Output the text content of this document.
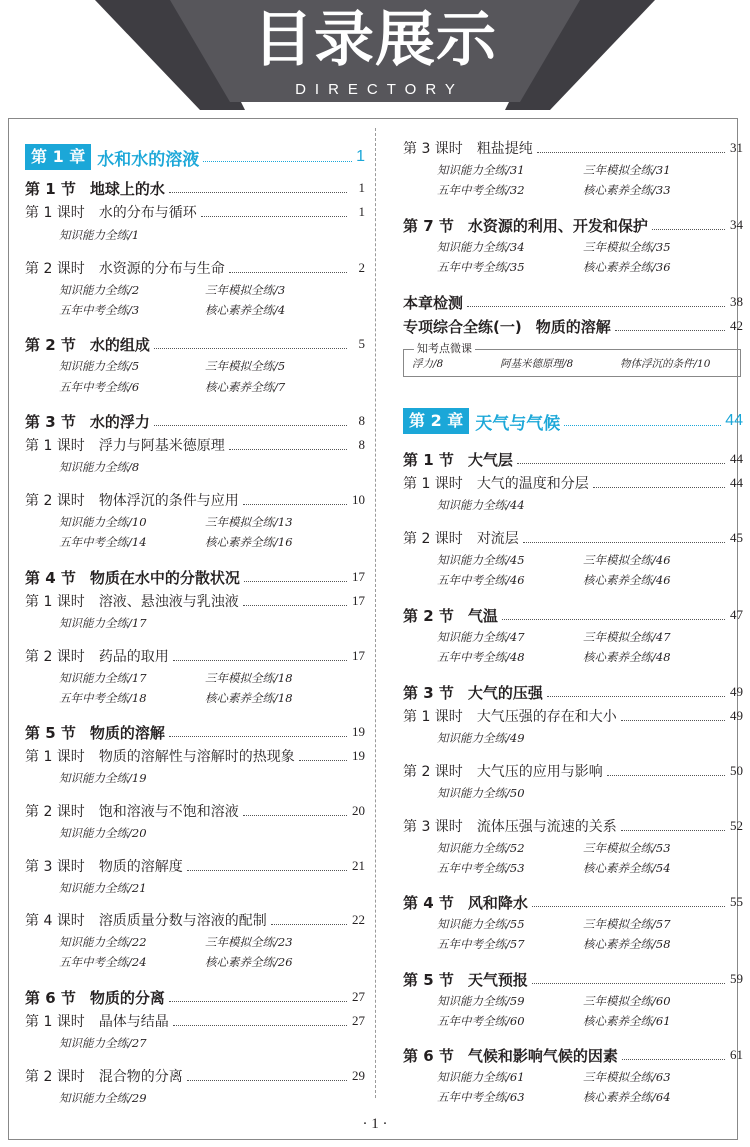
目录展示
DIRECTORY
第 1 章 水和水的溶液	1
第 1 节 地球上的水	1
第 1 课时 水的分布与循环	1
知识能力全练/1
第 2 课时 水资源的分布与生命	2
知识能力全练/2	三年模拟全练/3
五年中考全练/3	核心素养全练/4
第 2 节 水的组成	5
知识能力全练/5	三年模拟全练/5
五年中考全练/6	核心素养全练/7
第 3 节 水的浮力	8
第 1 课时 浮力与阿基米德原理	8
知识能力全练/8
第 2 课时 物体浮沉的条件与应用	10
知识能力全练/10	三年模拟全练/13
五年中考全练/14	核心素养全练/16
第 4 节 物质在水中的分散状况	17
第 1 课时 溶液、悬浊液与乳浊液	17
知识能力全练/17
第 2 课时 药品的取用	17
知识能力全练/17	三年模拟全练/18
五年中考全练/18	核心素养全练/18
第 5 节 物质的溶解	19
第 1 课时 物质的溶解性与溶解时的热现象	19
知识能力全练/19
第 2 课时 饱和溶液与不饱和溶液	20
知识能力全练/20
第 3 课时 物质的溶解度	21
知识能力全练/21
第 4 课时 溶质质量分数与溶液的配制	22
知识能力全练/22	三年模拟全练/23
五年中考全练/24	核心素养全练/26
第 6 节 物质的分离	27
第 1 课时 晶体与结晶	27
知识能力全练/27
第 2 课时 混合物的分离	29
知识能力全练/29
第 3 课时 粗盐提纯	31
知识能力全练/31	三年模拟全练/31
五年中考全练/32	核心素养全练/33
第 7 节 水资源的利用、开发和保护	34
知识能力全练/34	三年模拟全练/35
五年中考全练/35	核心素养全练/36
本章检测	38
专项综合全练(一) 物质的溶解	42
知考点微课
浮力/8	阿基米德原理/8	物体浮沉的条件/10
第 2 章 天气与气候	44
第 1 节 大气层	44
第 1 课时 大气的温度和分层	44
知识能力全练/44
第 2 课时 对流层	45
知识能力全练/45	三年模拟全练/46
五年中考全练/46	核心素养全练/46
第 2 节 气温	47
知识能力全练/47	三年模拟全练/47
五年中考全练/48	核心素养全练/48
第 3 节 大气的压强	49
第 1 课时 大气压强的存在和大小	49
知识能力全练/49
第 2 课时 大气压的应用与影响	50
知识能力全练/50
第 3 课时 流体压强与流速的关系	52
知识能力全练/52	三年模拟全练/53
五年中考全练/53	核心素养全练/54
第 4 节 风和降水	55
知识能力全练/55	三年模拟全练/57
五年中考全练/57	核心素养全练/58
第 5 节 天气预报	59
知识能力全练/59	三年模拟全练/60
五年中考全练/60	核心素养全练/61
第 6 节 气候和影响气候的因素	61
知识能力全练/61	三年模拟全练/63
五年中考全练/63	核心素养全练/64
· 1 ·
